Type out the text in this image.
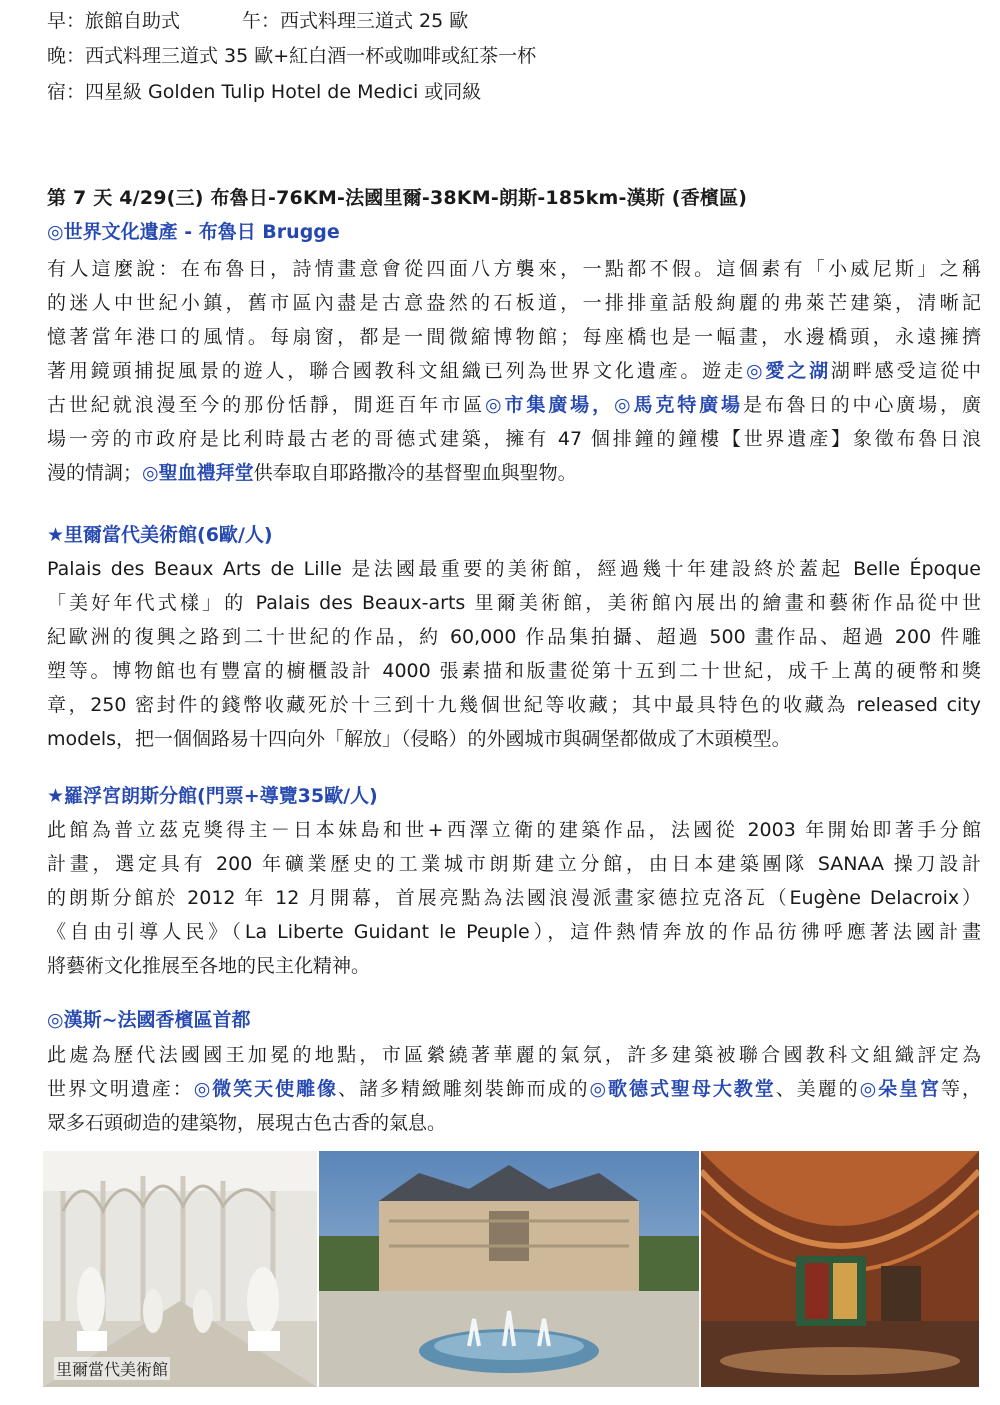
早：旅館自助式	午：西式料理三道式 25 歐
晚：西式料理三道式 35 歐+紅白酒一杯或咖啡或紅茶一杯
宿：四星級 Golden Tulip Hotel de Medici 或同級
第 7 天 4/29(三) 布魯日-76KM-法國里爾-38KM-朗斯-185km-漢斯 (香檳區)
◎世界文化遺產 - 布魯日 Brugge
有人這麼說：在布魯日，詩情畫意會從四面八方襲來，一點都不假。這個素有「小威尼斯」之稱
的迷人中世紀小鎮，舊市區內盡是古意盎然的石板道，一排排童話般絢麗的弗萊芒建築，清晰記
憶著當年港口的風情。每扇窗，都是一間微縮博物館；每座橋也是一幅畫，水邊橋頭，永遠擁擠
著用鏡頭捕捉風景的遊人，聯合國教科文組織已列為世界文化遺產。遊走◎愛之湖湖畔感受這從中
古世紀就浪漫至今的那份恬靜，閒逛百年市區◎市集廣場，◎馬克特廣場是布魯日的中心廣場，廣
場一旁的市政府是比利時最古老的哥德式建築，擁有 47 個排鐘的鐘樓【世界遺產】象徵布魯日浪
漫的情調；◎聖血禮拜堂供奉取自耶路撒冷的基督聖血與聖物。
★里爾當代美術館(6歐/人)
Palais des Beaux Arts de Lille 是法國最重要的美術館，經過幾十年建設終於蓋起 Belle Époque
「美好年代式樣」的 Palais des Beaux-arts 里爾美術館，美術館內展出的繪畫和藝術作品從中世
紀歐洲的復興之路到二十世紀的作品，約 60,000 作品集拍攝、超過 500 畫作品、超過 200 件雕
塑等。博物館也有豐富的櫥櫃設計 4000 張素描和版畫從第十五到二十世紀，成千上萬的硬幣和獎
章，250 密封件的錢幣收藏死於十三到十九幾個世紀等收藏；其中最具特色的收藏為 released city
models，把一個個路易十四向外「解放」（侵略）的外國城市與碉堡都做成了木頭模型。
★羅浮宮朗斯分館(門票+導覽35歐/人)
此館為普立茲克獎得主－日本妹島和世+西澤立衛的建築作品，法國從 2003 年開始即著手分館
計畫，選定具有 200 年礦業歷史的工業城市朗斯建立分館，由日本建築團隊 SANAA 操刀設計
的朗斯分館於 2012 年 12 月開幕，首展亮點為法國浪漫派畫家德拉克洛瓦（Eugène Delacroix）
《自由引導人民》（La Liberte Guidant le Peuple），這件熱情奔放的作品彷彿呼應著法國計畫
將藝術文化推展至各地的民主化精神。
◎漢斯~法國香檳區首都
此處為歷代法國國王加冕的地點，市區縈繞著華麗的氣氛，許多建築被聯合國教科文組織評定為
世界文明遺產：◎微笑天使雕像、諸多精緻雕刻裝飾而成的◎歌德式聖母大教堂、美麗的◎朵皇宮等，
眾多石頭砌造的建築物，展現古色古香的氣息。
里爾當代美術館
